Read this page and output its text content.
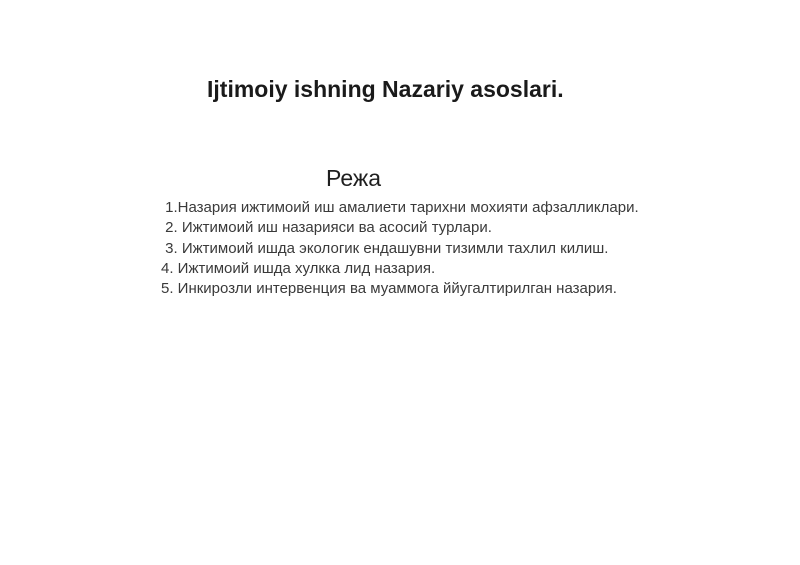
Ijtimoiy ishning Nazariy asoslari.
Режа
1.Назария ижтимоий иш амалиети тарихни мохияти афзалликлари.
2. Ижтимоий иш назарияси ва асосий турлари.
3. Ижтимоий ишда экологик ендашувни тизимли тахлил килиш.
4. Ижтимоий ишда хулкка лид назария.
5. Инкирозли интервенция ва муаммога ййугалтирилган назария.
